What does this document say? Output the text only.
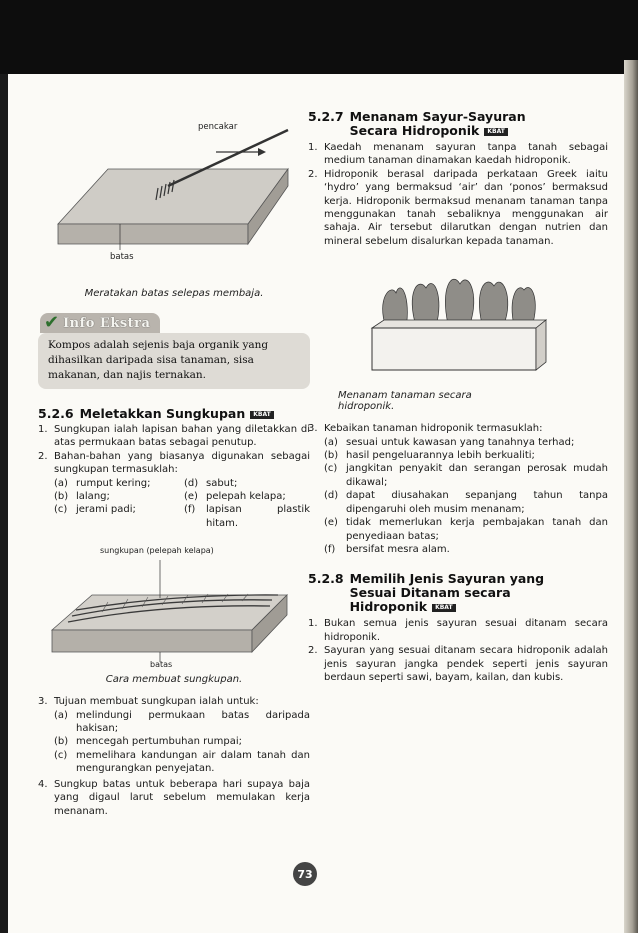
pencakar
batas
Meratakan batas selepas membaja.
✔ Info Ekstra
Kompos adalah sejenis baja organik yang dihasilkan daripada sisa tanaman, sisa makanan, dan najis ternakan.
5.2.6 Meletakkan Sungkupan KBAT
1. Sungkupan ialah lapisan bahan yang diletakkan di atas permukaan batas sebagai penutup.
2. Bahan-bahan yang biasanya digunakan sebagai sungkupan termasuklah:
(a) rumput kering;	(d) sabut;
(b) lalang;	(e) pelepah kelapa;
(c) jerami padi;	(f)	lapisan plastik hitam.
sungkupan (pelepah kelapa)
batas
Cara membuat sungkupan.
3. Tujuan membuat sungkupan ialah untuk:
(a) melindungi permukaan batas daripada hakisan;
(b) mencegah pertumbuhan rumpai;
(c) memelihara kandungan air dalam tanah dan mengurangkan penyejatan.
4. Sungkup batas untuk beberapa hari supaya baja yang digaul larut sebelum memulakan kerja menanam.
5.2.7 Menanam Sayur-Sayuran
Secara Hidroponik KBAT
1. Kaedah menanam sayuran tanpa tanah sebagai medium tanaman dinamakan kaedah hidroponik.
2. Hidroponik berasal daripada perkataan Greek iaitu ‘hydro’ yang bermaksud ‘air’ dan ‘ponos’ bermaksud kerja. Hidroponik bermaksud menanam tanaman tanpa menggunakan tanah sebaliknya menggunakan air sahaja. Air tersebut dilarutkan dengan nutrien dan mineral sebelum disalurkan kepada tanaman.
Menanam tanaman secara hidroponik.
3. Kebaikan tanaman hidroponik termasuklah:
(a) sesuai untuk kawasan yang tanahnya terhad;
(b) hasil pengeluarannya lebih berkualiti;
(c) jangkitan penyakit dan serangan perosak mudah dikawal;
(d) dapat diusahakan sepanjang tahun tanpa dipengaruhi oleh musim menanam;
(e) tidak memerlukan kerja pembajakan tanah dan penyediaan batas;
(f)	bersifat mesra alam.
5.2.8 Memilih Jenis Sayuran yang
Sesuai Ditanam secara
Hidroponik KBAT
1. Bukan semua jenis sayuran sesuai ditanam secara hidroponik.
2. Sayuran yang sesuai ditanam secara hidroponik adalah jenis sayuran jangka pendek seperti jenis sayuran berdaun seperti sawi, bayam, kailan, dan kubis.
73
